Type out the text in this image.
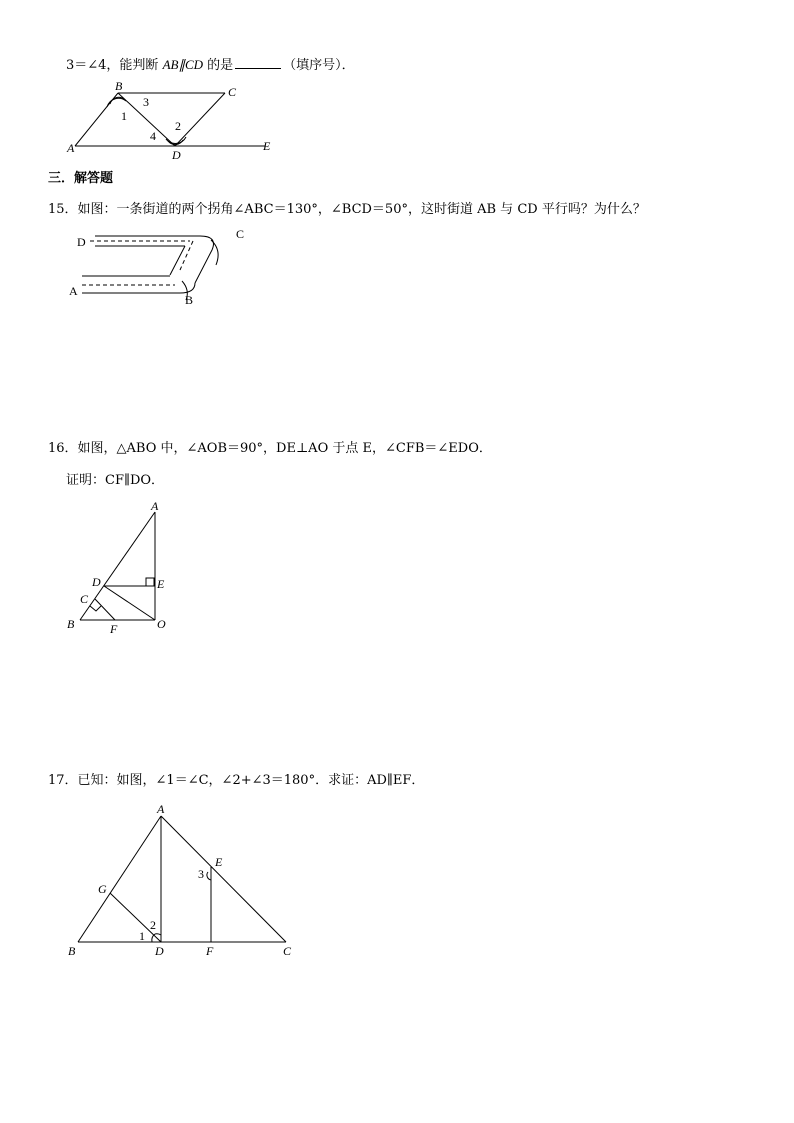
3＝∠4，能判断 AB∥CD 的是	（填序号）．
B	C
A	D
E
1
2
3
4
三．解答题
15．如图：一条街道的两个拐角∠ABC＝130°，∠BCD＝50°，这时街道 AB 与 CD 平行吗？为什么？
D
C
A
B
16．如图，△ABO 中，∠AOB＝90°，DE⊥AO 于点 E，∠CFB＝∠EDO．
证明：CF∥DO．
A
D	E
C
B	F	O
17．已知：如图，∠1＝∠C，∠2+∠3＝180°．求证：AD∥EF．
A
E
G
B	D	F	C
3
2
1
